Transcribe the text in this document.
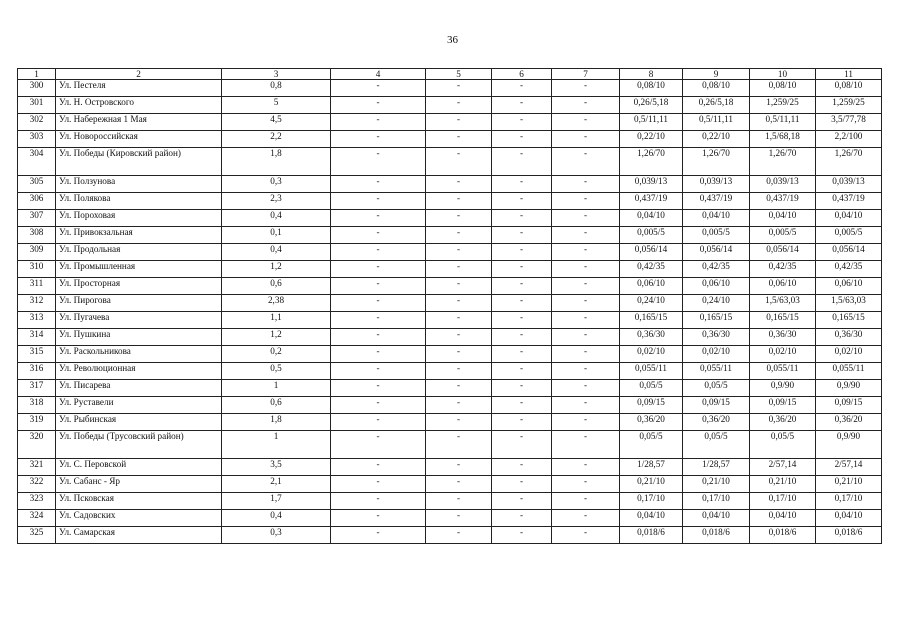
36
1	2	3	4	5	6	7	8	9	10	11
300	Ул. Пестеля	0,8	-	-	-	-	0,08/10	0,08/10	0,08/10	0,08/10
301	Ул. Н. Островского	5	-	-	-	-	0,26/5,18	0,26/5,18	1,259/25	1,259/25
302	Ул. Набережная 1 Мая	4,5	-	-	-	-	0,5/11,11	0,5/11,11	0,5/11,11	3,5/77,78
303	Ул. Новороссийская	2,2	-	-	-	-	0,22/10	0,22/10	1,5/68,18	2,2/100
304	Ул. Победы (Кировский район)	1,8	-	-	-	-	1,26/70	1,26/70	1,26/70	1,26/70
305	Ул. Ползунова	0,3	-	-	-	-	0,039/13	0,039/13	0,039/13	0,039/13
306	Ул. Полякова	2,3	-	-	-	-	0,437/19	0,437/19	0,437/19	0,437/19
307	Ул. Пороховая	0,4	-	-	-	-	0,04/10	0,04/10	0,04/10	0,04/10
308	Ул. Привокзальная	0,1	-	-	-	-	0,005/5	0,005/5	0,005/5	0,005/5
309	Ул. Продольная	0,4	-	-	-	-	0,056/14	0,056/14	0,056/14	0,056/14
310	Ул. Промышленная	1,2	-	-	-	-	0,42/35	0,42/35	0,42/35	0,42/35
311	Ул. Просторная	0,6	-	-	-	-	0,06/10	0,06/10	0,06/10	0,06/10
312	Ул. Пирогова	2,38	-	-	-	-	0,24/10	0,24/10	1,5/63,03	1,5/63,03
313	Ул. Пугачева	1,1	-	-	-	-	0,165/15	0,165/15	0,165/15	0,165/15
314	Ул. Пушкина	1,2	-	-	-	-	0,36/30	0,36/30	0,36/30	0,36/30
315	Ул. Раскольникова	0,2	-	-	-	-	0,02/10	0,02/10	0,02/10	0,02/10
316	Ул. Революционная	0,5	-	-	-	-	0,055/11	0,055/11	0,055/11	0,055/11
317	Ул. Писарева	1	-	-	-	-	0,05/5	0,05/5	0,9/90	0,9/90
318	Ул. Руставели	0,6	-	-	-	-	0,09/15	0,09/15	0,09/15	0,09/15
319	Ул. Рыбинская	1,8	-	-	-	-	0,36/20	0,36/20	0,36/20	0,36/20
320	Ул. Победы (Трусовский район)	1	-	-	-	-	0,05/5	0,05/5	0,05/5	0,9/90
321	Ул. С. Перовской	3,5	-	-	-	-	1/28,57	1/28,57	2/57,14	2/57,14
322	Ул. Сабанс - Яр	2,1	-	-	-	-	0,21/10	0,21/10	0,21/10	0,21/10
323	Ул. Псковская	1,7	-	-	-	-	0,17/10	0,17/10	0,17/10	0,17/10
324	Ул. Садовских	0,4	-	-	-	-	0,04/10	0,04/10	0,04/10	0,04/10
325	Ул. Самарская	0,3	-	-	-	-	0,018/6	0,018/6	0,018/6	0,018/6
